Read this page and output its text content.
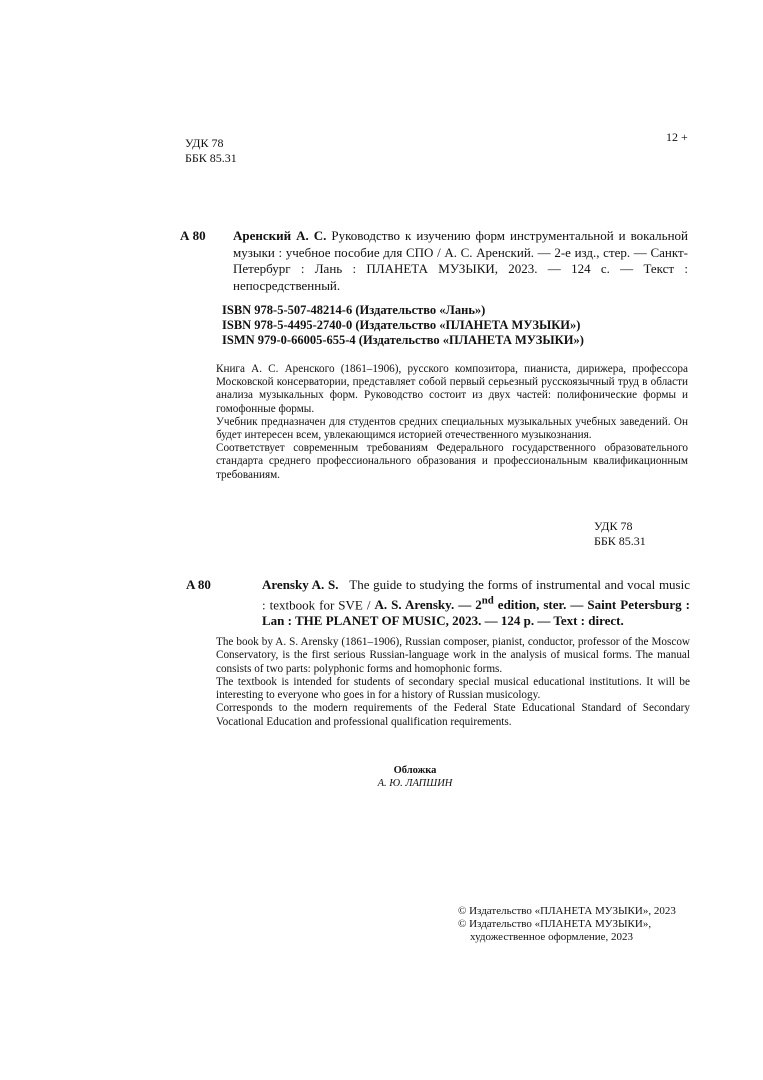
УДК 78
ББК 85.31
12 +
А 80 Аренский А. С. Руководство к изучению форм инструментальной и вокальной музыки : учебное пособие для СПО / А. С. Аренский. — 2-е изд., стер. — Санкт-Петербург : Лань : ПЛАНЕТА МУЗЫКИ, 2023. — 124 с. — Текст : непосредственный.
ISBN 978-5-507-48214-6 (Издательство «Лань»)
ISBN 978-5-4495-2740-0 (Издательство «ПЛАНЕТА МУЗЫКИ»)
ISMN 979-0-66005-655-4 (Издательство «ПЛАНЕТА МУЗЫКИ»)

Книга А. С. Аренского (1861–1906), русского композитора, пианиста, дирижера, профессора Московской консерватории, представляет собой первый серьезный русскоязычный труд в области анализа музыкальных форм. Руководство состоит из двух частей: полифонические формы и гомофонные формы.

Учебник предназначен для студентов средних специальных музыкальных учебных заведений. Он будет интересен всем, увлекающимся историей отечественного музыкознания.

Соответствует современным требованиям Федерального государственного образовательного стандарта среднего профессионального образования и профессиональным квалификационным требованиям.

УДК 78
ББК 85.31
A 80	Arensky A. S. The guide to studying the forms of instrumental and vocal music : textbook for SVE / A. S. Arensky. — 2nd edition, ster. — Saint Petersburg : Lan : THE PLANET OF MUSIC, 2023. — 124 p. — Text : direct.

The book by A. S. Arensky (1861–1906), Russian composer, pianist, conductor, professor of the Moscow Conservatory, is the first serious Russian-language work in the analysis of musical forms. The manual consists of two parts: polyphonic forms and homophonic forms.

The textbook is intended for students of secondary special musical educational institutions. It will be interesting to everyone who goes in for a history of Russian musicology.

Corresponds to the modern requirements of the Federal State Educational Standard of Secondary Vocational Education and professional qualification requirements.

Обложка
А. Ю. ЛАПШИН
© Издательство «ПЛАНЕТА МУЗЫКИ», 2023
© Издательство «ПЛАНЕТА МУЗЫКИ»,
художественное оформление, 2023
